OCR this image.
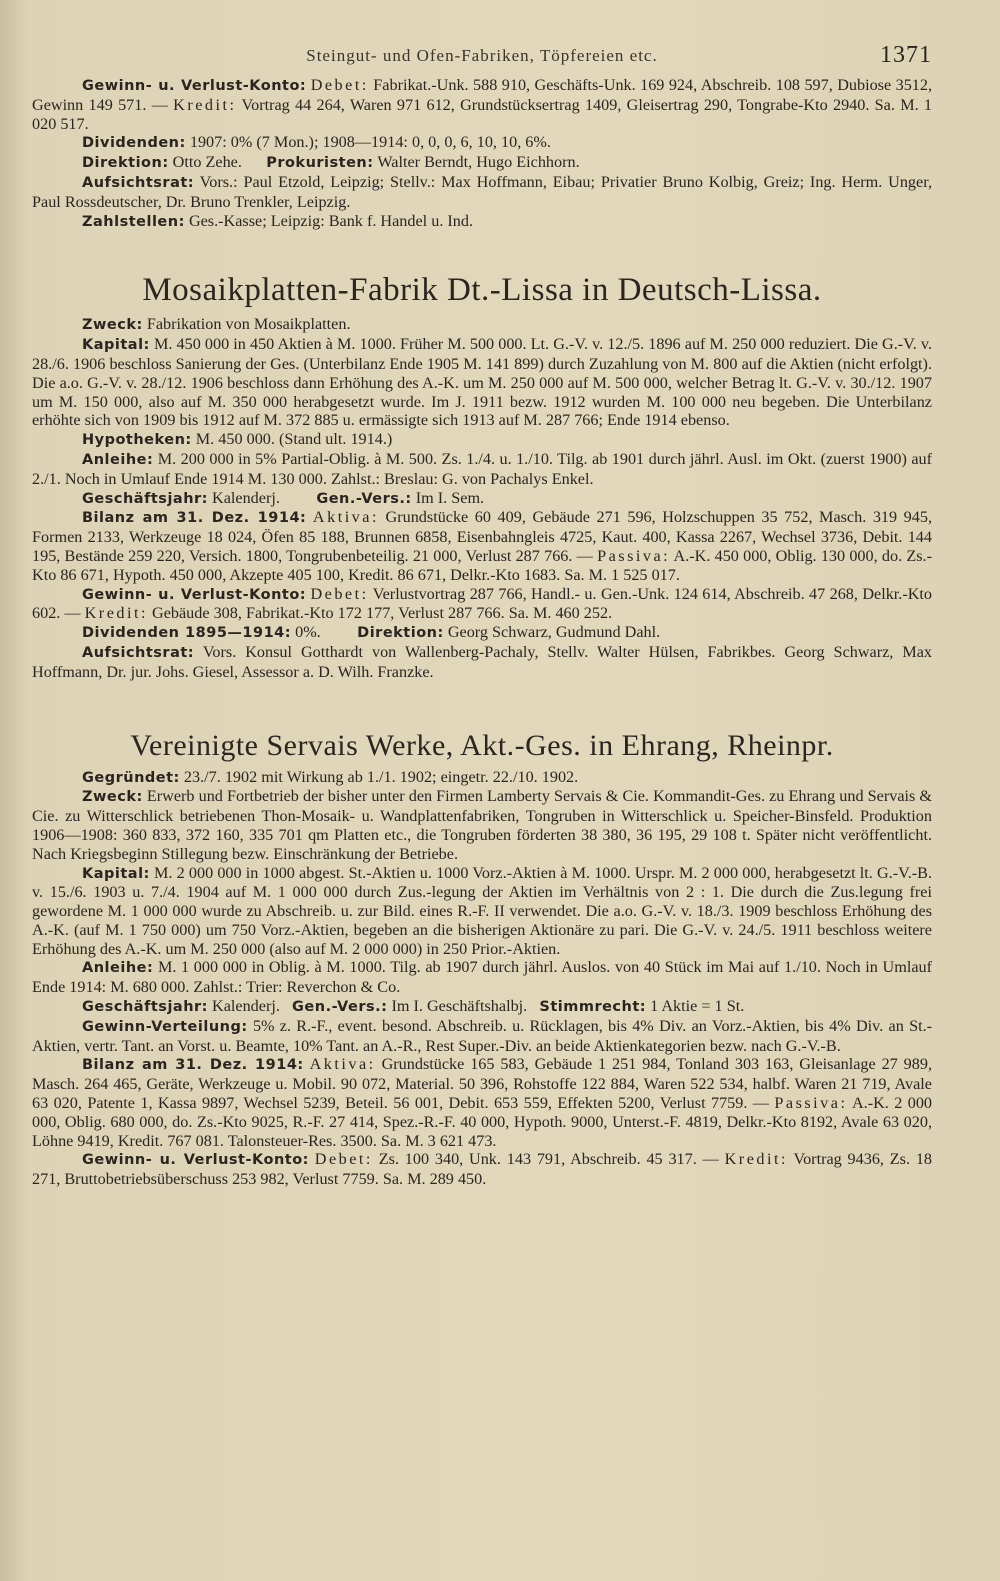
Steingut- und Ofen-Fabriken, Töpfereien etc.	1371

Gewinn- u. Verlust-Konto: Debet: Fabrikat.-Unk. 588 910, Geschäfts-Unk. 169 924, Abschreib. 108 597, Dubiose 3512, Gewinn 149 571. — Kredit: Vortrag 44 264, Waren 971 612, Grundstücksertrag 1409, Gleisertrag 290, Tongrabe-Kto 2940. Sa. M. 1 020 517.

Dividenden: 1907: 0% (7 Mon.); 1908—1914: 0, 0, 0, 6, 10, 10, 6%.

Direktion: Otto Zehe. Prokuristen: Walter Berndt, Hugo Eichhorn.

Aufsichtsrat: Vors.: Paul Etzold, Leipzig; Stellv.: Max Hoffmann, Eibau; Privatier Bruno Kolbig, Greiz; Ing. Herm. Unger, Paul Rossdeutscher, Dr. Bruno Trenkler, Leipzig.

Zahlstellen: Ges.-Kasse; Leipzig: Bank f. Handel u. Ind.

Mosaikplatten-Fabrik Dt.-Lissa in Deutsch-Lissa.

Zweck: Fabrikation von Mosaikplatten.

Kapital: M. 450 000 in 450 Aktien à M. 1000. Früher M. 500 000. Lt. G.-V. v. 12./5. 1896 auf M. 250 000 reduziert. Die G.-V. v. 28./6. 1906 beschloss Sanierung der Ges. (Unterbilanz Ende 1905 M. 141 899) durch Zuzahlung von M. 800 auf die Aktien (nicht erfolgt). Die a.o. G.-V. v. 28./12. 1906 beschloss dann Erhöhung des A.-K. um M. 250 000 auf M. 500 000, welcher Betrag lt. G.-V. v. 30./12. 1907 um M. 150 000, also auf M. 350 000 herabgesetzt wurde. Im J. 1911 bezw. 1912 wurden M. 100 000 neu begeben. Die Unterbilanz erhöhte sich von 1909 bis 1912 auf M. 372 885 u. ermässigte sich 1913 auf M. 287 766; Ende 1914 ebenso.

Hypotheken: M. 450 000. (Stand ult. 1914.)

Anleihe: M. 200 000 in 5% Partial-Oblig. à M. 500. Zs. 1./4. u. 1./10. Tilg. ab 1901 durch jährl. Ausl. im Okt. (zuerst 1900) auf 2./1. Noch in Umlauf Ende 1914 M. 130 000. Zahlst.: Breslau: G. von Pachalys Enkel.

Geschäftsjahr: Kalenderj.	Gen.-Vers.: Im I. Sem.

Bilanz am 31. Dez. 1914: Aktiva: Grundstücke 60 409, Gebäude 271 596, Holzschuppen 35 752, Masch. 319 945, Formen 2133, Werkzeuge 18 024, Öfen 85 188, Brunnen 6858, Eisenbahngleis 4725, Kaut. 400, Kassa 2267, Wechsel 3736, Debit. 144 195, Bestände 259 220, Versich. 1800, Tongrubenbeteilig. 21 000, Verlust 287 766. — Passiva: A.-K. 450 000, Oblig. 130 000, do. Zs.-Kto 86 671, Hypoth. 450 000, Akzepte 405 100, Kredit. 86 671, Delkr.-Kto 1683. Sa. M. 1 525 017.

Gewinn- u. Verlust-Konto: Debet: Verlustvortrag 287 766, Handl.- u. Gen.-Unk. 124 614, Abschreib. 47 268, Delkr.-Kto 602. — Kredit: Gebäude 308, Fabrikat.-Kto 172 177, Verlust 287 766. Sa. M. 460 252.

Dividenden 1895—1914: 0%.	Direktion: Georg Schwarz, Gudmund Dahl.

Aufsichtsrat: Vors. Konsul Gotthardt von Wallenberg-Pachaly, Stellv. Walter Hülsen, Fabrikbes. Georg Schwarz, Max Hoffmann, Dr. jur. Johs. Giesel, Assessor a. D. Wilh. Franzke.

Vereinigte Servais Werke, Akt.-Ges. in Ehrang, Rheinpr.

Gegründet: 23./7. 1902 mit Wirkung ab 1./1. 1902; eingetr. 22./10. 1902.

Zweck: Erwerb und Fortbetrieb der bisher unter den Firmen Lamberty Servais & Cie. Kommandit-Ges. zu Ehrang und Servais & Cie. zu Witterschlick betriebenen Thon-Mosaik- u. Wandplattenfabriken, Tongruben in Witterschlick u. Speicher-Binsfeld. Produktion 1906—1908: 360 833, 372 160, 335 701 qm Platten etc., die Tongruben förderten 38 380, 36 195, 29 108 t. Später nicht veröffentlicht. Nach Kriegsbeginn Stillegung bezw. Einschränkung der Betriebe.

Kapital: M. 2 000 000 in 1000 abgest. St.-Aktien u. 1000 Vorz.-Aktien à M. 1000. Urspr. M. 2 000 000, herabgesetzt lt. G.-V.-B. v. 15./6. 1903 u. 7./4. 1904 auf M. 1 000 000 durch Zus.-legung der Aktien im Verhältnis von 2 : 1. Die durch die Zus.legung frei gewordene M. 1 000 000 wurde zu Abschreib. u. zur Bild. eines R.-F. II verwendet. Die a.o. G.-V. v. 18./3. 1909 beschloss Erhöhung des A.-K. (auf M. 1 750 000) um 750 Vorz.-Aktien, begeben an die bisherigen Aktionäre zu pari. Die G.-V. v. 24./5. 1911 beschloss weitere Erhöhung des A.-K. um M. 250 000 (also auf M. 2 000 000) in 250 Prior.-Aktien.

Anleihe: M. 1 000 000 in Oblig. à M. 1000. Tilg. ab 1907 durch jährl. Auslos. von 40 Stück im Mai auf 1./10. Noch in Umlauf Ende 1914: M. 680 000. Zahlst.: Trier: Reverchon & Co.

Geschäftsjahr: Kalenderj. Gen.-Vers.: Im I. Geschäftshalbj. Stimmrecht: 1 Aktie = 1 St.

Gewinn-Verteilung: 5% z. R.-F., event. besond. Abschreib. u. Rücklagen, bis 4% Div. an Vorz.-Aktien, bis 4% Div. an St.-Aktien, vertr. Tant. an Vorst. u. Beamte, 10% Tant. an A.-R., Rest Super.-Div. an beide Aktienkategorien bezw. nach G.-V.-B.

Bilanz am 31. Dez. 1914: Aktiva: Grundstücke 165 583, Gebäude 1 251 984, Tonland 303 163, Gleisanlage 27 989, Masch. 264 465, Geräte, Werkzeuge u. Mobil. 90 072, Material. 50 396, Rohstoffe 122 884, Waren 522 534, halbf. Waren 21 719, Avale 63 020, Patente 1, Kassa 9897, Wechsel 5239, Beteil. 56 001, Debit. 653 559, Effekten 5200, Verlust 7759. — Passiva: A.-K. 2 000 000, Oblig. 680 000, do. Zs.-Kto 9025, R.-F. 27 414, Spez.-R.-F. 40 000, Hypoth. 9000, Unterst.-F. 4819, Delkr.-Kto 8192, Avale 63 020, Löhne 9419, Kredit. 767 081. Talonsteuer-Res. 3500. Sa. M. 3 621 473.

Gewinn- u. Verlust-Konto: Debet: Zs. 100 340, Unk. 143 791, Abschreib. 45 317. — Kredit: Vortrag 9436, Zs. 18 271, Bruttobetriebsüberschuss 253 982, Verlust 7759. Sa. M. 289 450.
